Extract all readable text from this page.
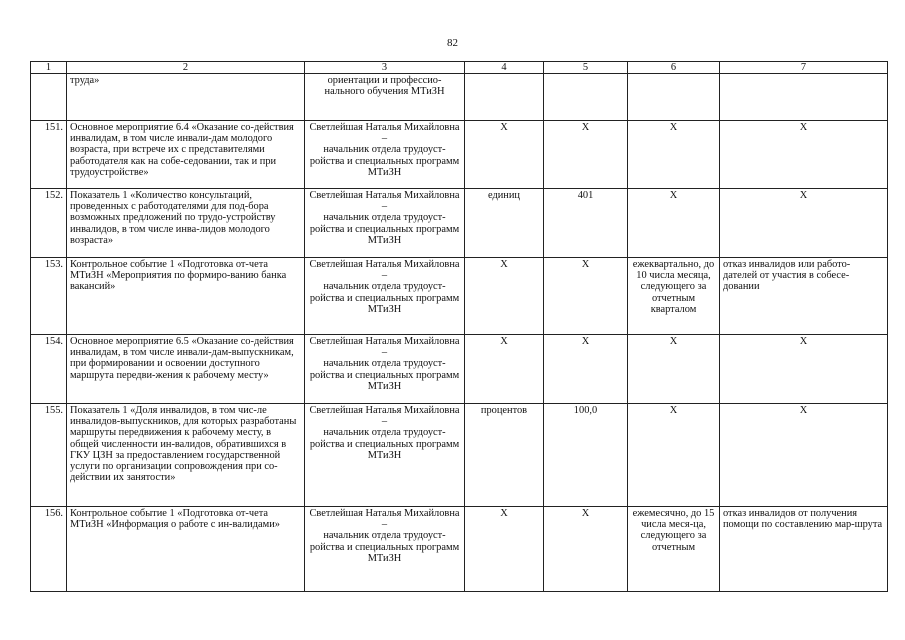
82
1	2	3	4	5	6	7
	труда»	ориентации и профессио-нального обучения МТиЗН				
151.	Основное мероприятие 6.4 «Оказание со-действия инвалидам, в том числе инвали-дам молодого возраста, при встрече их с представителями работодателя как на собе-седовании, так и при трудоустройстве»	Светлейшая Наталья Михайловна –
начальник отдела трудоуст-ройства и специальных программ МТиЗН	X	X	X	X
152.	Показатель 1 «Количество консультаций, проведенных с работодателями для под-бора возможных предложений по трудо-устройству инвалидов, в том числе инва-лидов молодого возраста»	Светлейшая Наталья Михайловна –
начальник отдела трудоуст-ройства и специальных программ МТиЗН	единиц	401	X	X
153.	Контрольное событие 1 «Подготовка от-чета МТиЗН «Мероприятия по формиро-ванию банка вакансий»	Светлейшая Наталья Михайловна –
начальник отдела трудоуст-ройства и специальных программ МТиЗН	X	X	ежеквартально, до 10 числа месяца, следующего за отчетным кварталом	отказ инвалидов или работо-дателей от участия в собесе-довании
154.	Основное мероприятие 6.5 «Оказание со-действия инвалидам, в том числе инвали-дам-выпускникам, при формировании и освоении доступного маршрута передви-жения к рабочему месту»	Светлейшая Наталья Михайловна –
начальник отдела трудоуст-ройства и специальных программ МТиЗН	X	X	X	X
155.	Показатель 1 «Доля инвалидов, в том чис-ле инвалидов-выпускников, для которых разработаны маршруты передвижения к рабочему месту, в общей численности ин-валидов, обратившихся в ГКУ ЦЗН за предоставлением государственной услуги по организации сопровождения при со-действии их занятости»	Светлейшая Наталья Михайловна –
начальник отдела трудоуст-ройства и специальных программ МТиЗН	процентов	100,0	X	X
156.	Контрольное событие 1 «Подготовка от-чета МТиЗН «Информация о работе с ин-валидами»	Светлейшая Наталья Михайловна –
начальник отдела трудоуст-ройства и специальных программ МТиЗН	X	X	ежемесячно, до 15 числа меся-ца, следующего за отчетным	отказ инвалидов от получения помощи по составлению мар-шрута
